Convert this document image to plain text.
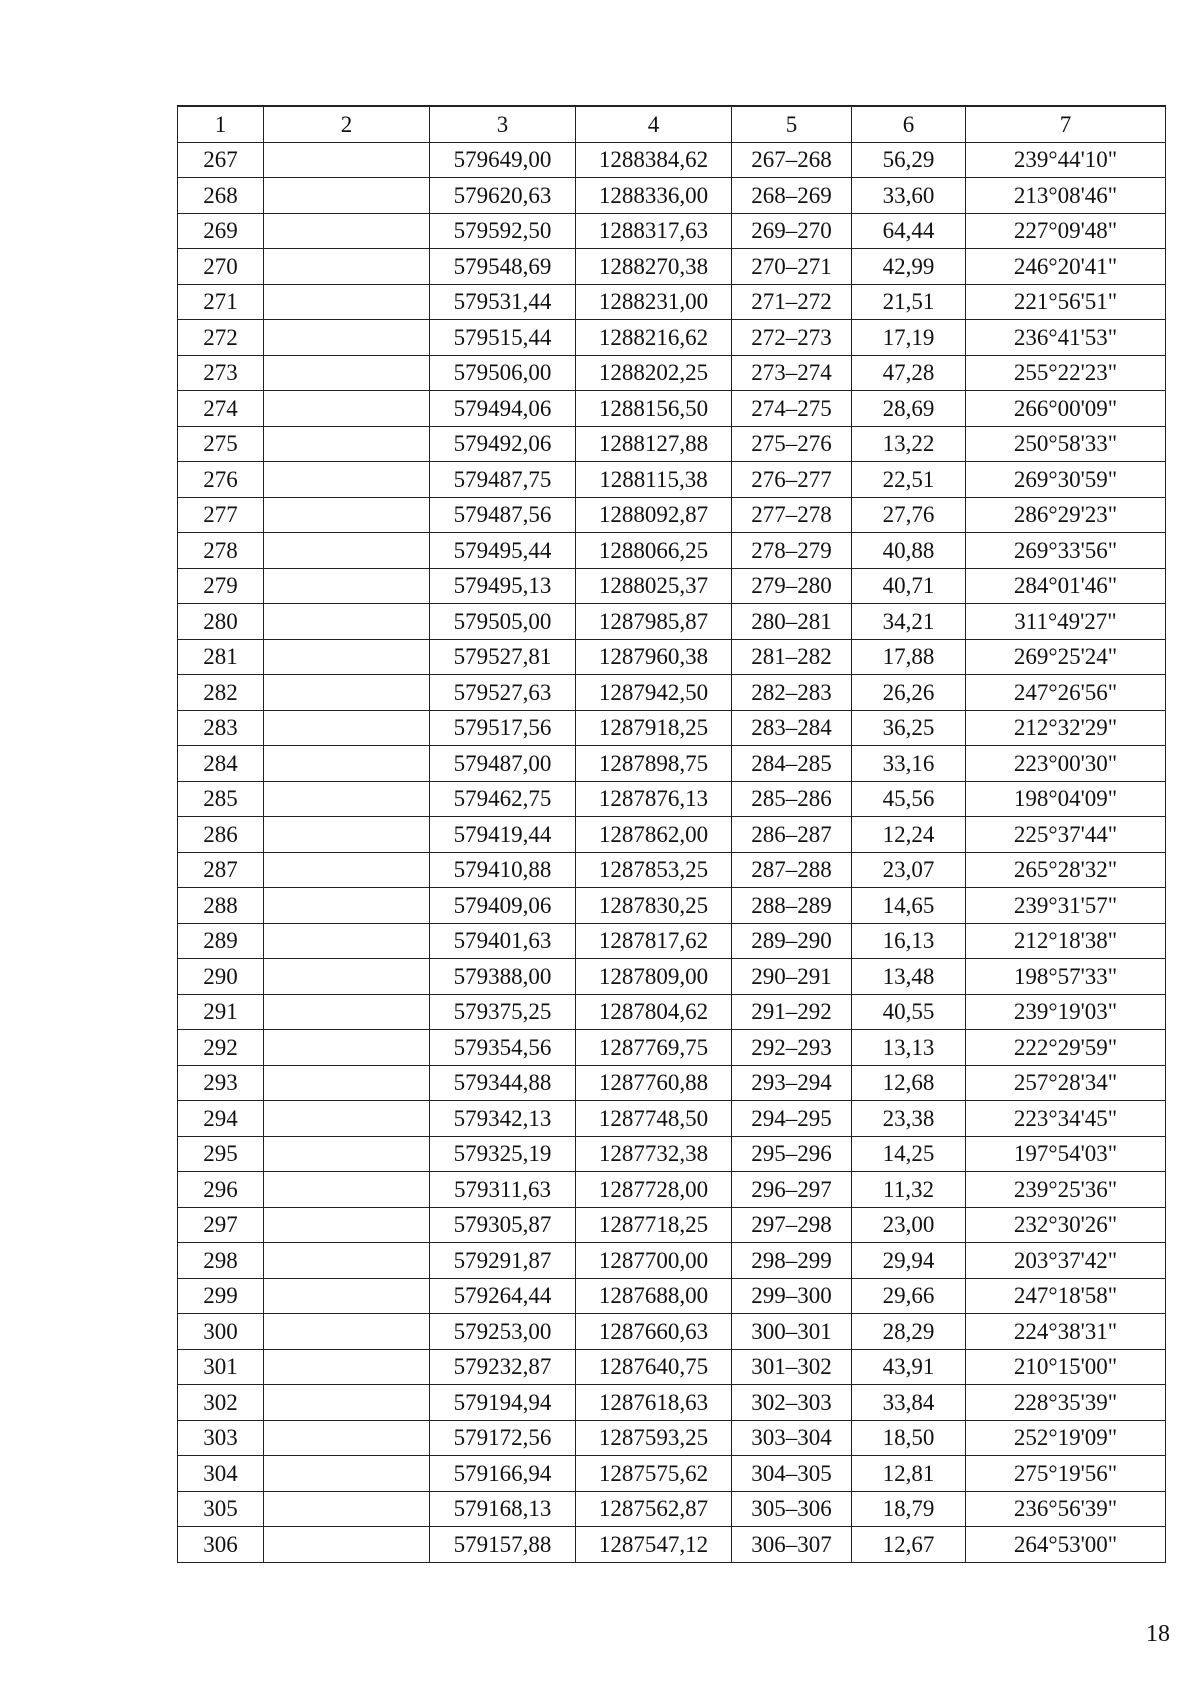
1	2	3	4	5	6	7
267		579649,00	1288384,62	267–268	56,29	239°44'10"
268		579620,63	1288336,00	268–269	33,60	213°08'46"
269		579592,50	1288317,63	269–270	64,44	227°09'48"
270		579548,69	1288270,38	270–271	42,99	246°20'41"
271		579531,44	1288231,00	271–272	21,51	221°56'51"
272		579515,44	1288216,62	272–273	17,19	236°41'53"
273		579506,00	1288202,25	273–274	47,28	255°22'23"
274		579494,06	1288156,50	274–275	28,69	266°00'09"
275		579492,06	1288127,88	275–276	13,22	250°58'33"
276		579487,75	1288115,38	276–277	22,51	269°30'59"
277		579487,56	1288092,87	277–278	27,76	286°29'23"
278		579495,44	1288066,25	278–279	40,88	269°33'56"
279		579495,13	1288025,37	279–280	40,71	284°01'46"
280		579505,00	1287985,87	280–281	34,21	311°49'27"
281		579527,81	1287960,38	281–282	17,88	269°25'24"
282		579527,63	1287942,50	282–283	26,26	247°26'56"
283		579517,56	1287918,25	283–284	36,25	212°32'29"
284		579487,00	1287898,75	284–285	33,16	223°00'30"
285		579462,75	1287876,13	285–286	45,56	198°04'09"
286		579419,44	1287862,00	286–287	12,24	225°37'44"
287		579410,88	1287853,25	287–288	23,07	265°28'32"
288		579409,06	1287830,25	288–289	14,65	239°31'57"
289		579401,63	1287817,62	289–290	16,13	212°18'38"
290		579388,00	1287809,00	290–291	13,48	198°57'33"
291		579375,25	1287804,62	291–292	40,55	239°19'03"
292		579354,56	1287769,75	292–293	13,13	222°29'59"
293		579344,88	1287760,88	293–294	12,68	257°28'34"
294		579342,13	1287748,50	294–295	23,38	223°34'45"
295		579325,19	1287732,38	295–296	14,25	197°54'03"
296		579311,63	1287728,00	296–297	11,32	239°25'36"
297		579305,87	1287718,25	297–298	23,00	232°30'26"
298		579291,87	1287700,00	298–299	29,94	203°37'42"
299		579264,44	1287688,00	299–300	29,66	247°18'58"
300		579253,00	1287660,63	300–301	28,29	224°38'31"
301		579232,87	1287640,75	301–302	43,91	210°15'00"
302		579194,94	1287618,63	302–303	33,84	228°35'39"
303		579172,56	1287593,25	303–304	18,50	252°19'09"
304		579166,94	1287575,62	304–305	12,81	275°19'56"
305		579168,13	1287562,87	305–306	18,79	236°56'39"
306		579157,88	1287547,12	306–307	12,67	264°53'00"
18
